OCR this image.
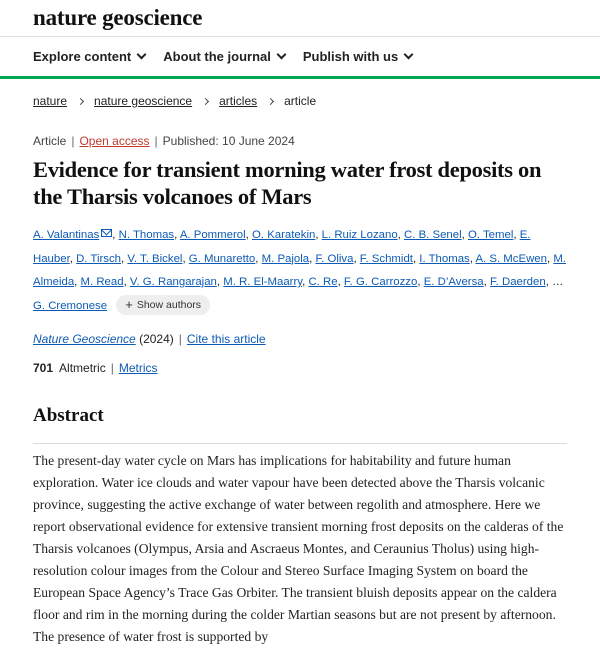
nature geoscience
Explore content About the journal Publish with us
nature nature geoscience articles article
Article | Open access | Published: 10 June 2024
Evidence for transient morning water frost deposits on the Tharsis volcanoes of Mars
A. Valantinas , N. Thomas, A. Pommerol, O. Karatekin, L. Ruiz Lozano, C. B. Senel, O. Temel, E. Hauber, D. Tirsch, V. T. Bickel, G. Munaretto, M. Pajola, F. Oliva, F. Schmidt, I. Thomas, A. S. McEwen, M. Almeida, M. Read, V. G. Rangarajan, M. R. El-Maarry, C. Re, F. G. Carrozzo, E. D’Aversa, F. Daerden, … G. Cremonese + Show authors
Nature Geoscience
(2024) | Cite this article
701 Altmetric | Metrics
Abstract

The present-day water cycle on Mars has implications for habitability and future human exploration. Water ice clouds and water vapour have been detected above the Tharsis volcanic province, suggesting the active exchange of water between regolith and atmosphere. Here we report observational evidence for extensive transient morning frost deposits on the calderas of the Tharsis volcanoes (Olympus, Arsia and Ascraeus Montes, and Ceraunius Tholus) using high-resolution colour images from the Colour and Stereo Surface Imaging System on board the European Space Agency’s Trace Gas Orbiter. The transient bluish deposits appear on the caldera floor and rim in the morning during the colder Martian seasons but are not present by afternoon. The presence of water frost is supported by
